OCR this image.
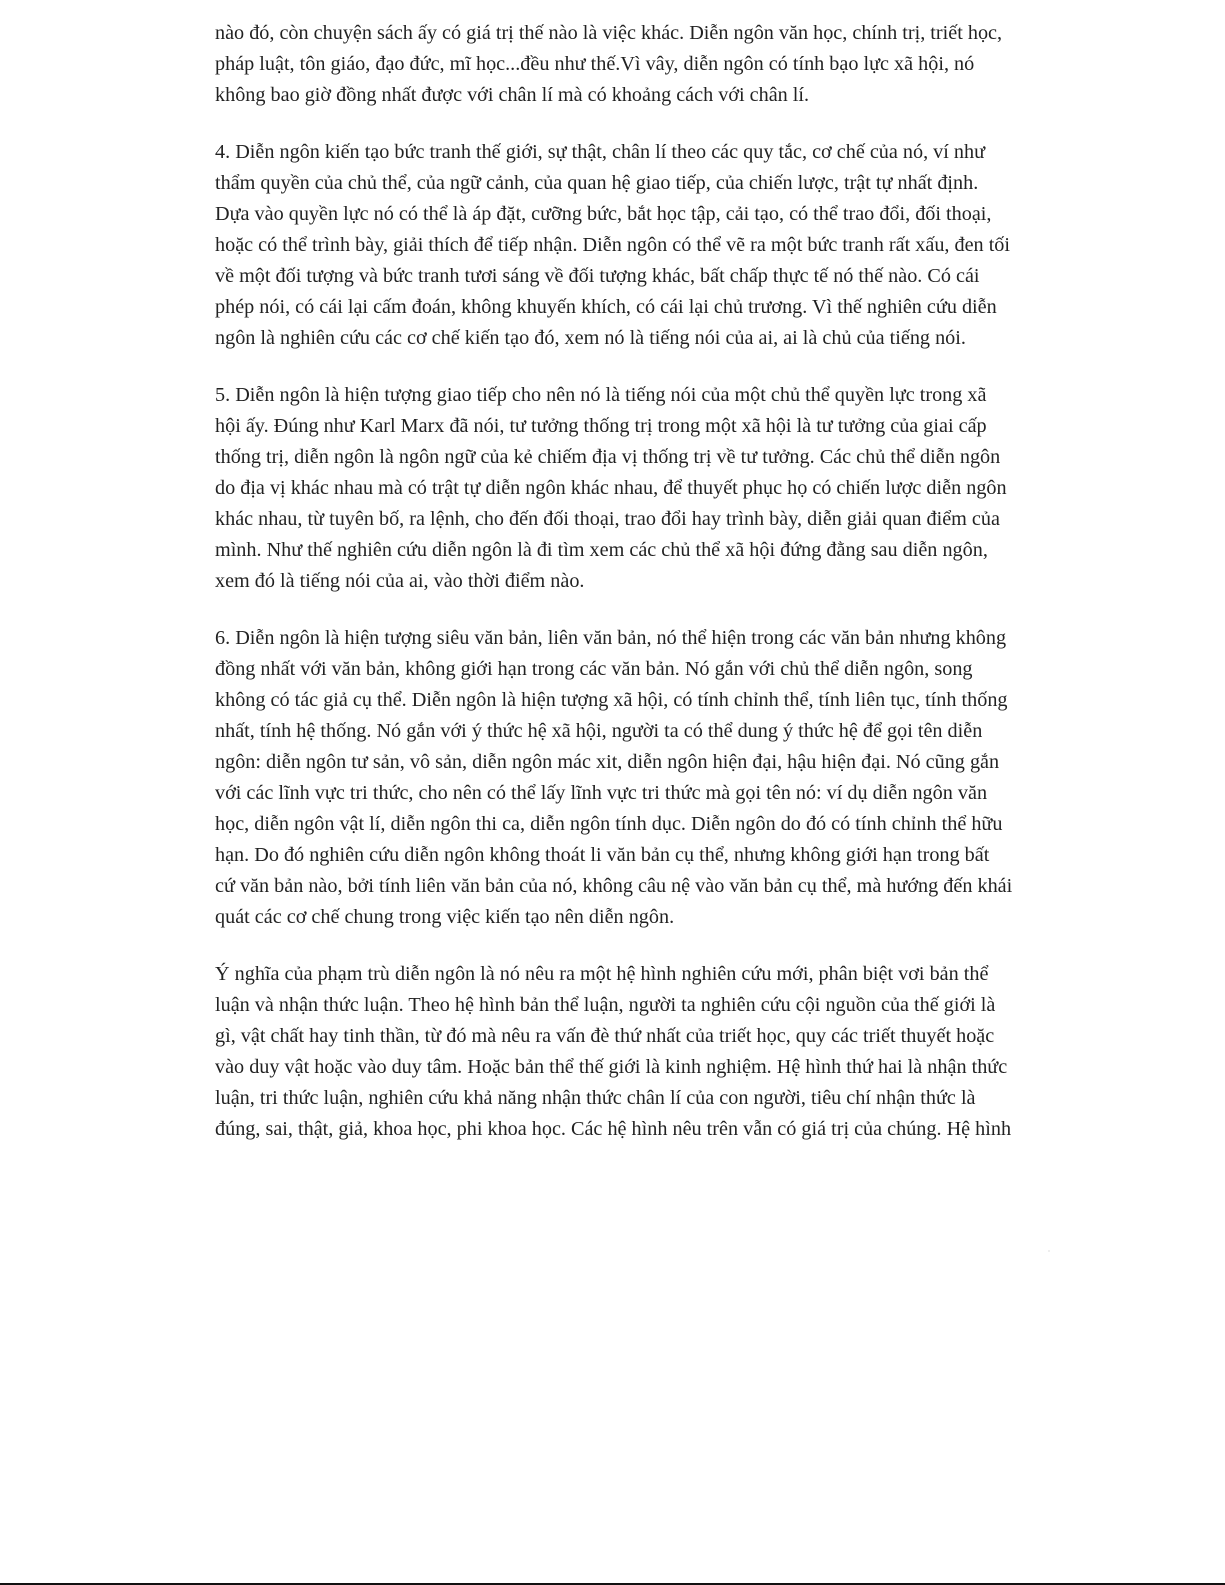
nào đó, còn chuyện sách ấy có giá trị thế nào là việc khác. Diễn ngôn văn học, chính trị, triết học,
pháp luật, tôn giáo, đạo đức, mĩ học...đều như thế.Vì vây, diễn ngôn có tính bạo lực xã hội, nó
không bao giờ đồng nhất được với chân lí mà có khoảng cách với chân lí.

4. Diễn ngôn kiến tạo bức tranh thế giới, sự thật, chân lí theo các quy tắc, cơ chế của nó, ví như
thẩm quyền của chủ thể, của ngữ cảnh, của quan hệ giao tiếp, của chiến lược, trật tự nhất định.
Dựa vào quyền lực nó có thể là áp đặt, cưỡng bức, bắt học tập, cải tạo, có thể trao đổi, đối thoại,
hoặc có thể trình bày, giải thích để tiếp nhận. Diễn ngôn có thể vẽ ra một bức tranh rất xấu, đen tối
về một đối tượng và bức tranh tươi sáng về đối tượng khác, bất chấp thực tế nó thế nào. Có cái
phép nói, có cái lại cấm đoán, không khuyến khích, có cái lại chủ trương. Vì thế nghiên cứu diễn
ngôn là nghiên cứu các cơ chế kiến tạo đó, xem nó là tiếng nói của ai, ai là chủ của tiếng nói.

5. Diễn ngôn là hiện tượng giao tiếp cho nên nó là tiếng nói của một chủ thể quyền lực trong xã
hội ấy. Đúng như Karl Marx đã nói, tư tưởng thống trị trong một xã hội là tư tưởng của giai cấp
thống trị, diễn ngôn là ngôn ngữ của kẻ chiếm địa vị thống trị về tư tưởng. Các chủ thể diễn ngôn
do địa vị khác nhau mà có trật tự diễn ngôn khác nhau, để thuyết phục họ có chiến lược diễn ngôn
khác nhau, từ tuyên bố, ra lệnh, cho đến đối thoại, trao đổi hay trình bày, diễn giải quan điểm của
mình. Như thế nghiên cứu diễn ngôn là đi tìm xem các chủ thể xã hội đứng đằng sau diễn ngôn,
xem đó là tiếng nói của ai, vào thời điểm nào.

6. Diễn ngôn là hiện tượng siêu văn bản, liên văn bản, nó thể hiện trong các văn bản nhưng không
đồng nhất với văn bản, không giới hạn trong các văn bản. Nó gắn với chủ thể diễn ngôn, song
không có tác giả cụ thể. Diễn ngôn là hiện tượng xã hội, có tính chỉnh thể, tính liên tục, tính thống
nhất, tính hệ thống. Nó gắn với ý thức hệ xã hội, người ta có thể dung ý thức hệ để gọi tên diễn
ngôn: diễn ngôn tư sản, vô sản, diễn ngôn mác xit, diễn ngôn hiện đại, hậu hiện đại. Nó cũng gắn
với các lĩnh vực tri thức, cho nên có thể lấy lĩnh vực tri thức mà gọi tên nó: ví dụ diễn ngôn văn
học, diễn ngôn vật lí, diễn ngôn thi ca, diễn ngôn tính dục. Diễn ngôn do đó có tính chỉnh thể hữu
hạn. Do đó nghiên cứu diễn ngôn không thoát li văn bản cụ thể, nhưng không giới hạn trong bất
cứ văn bản nào, bởi tính liên văn bản của nó, không câu nệ vào văn bản cụ thể, mà hướng đến khái
quát các cơ chế chung trong việc kiến tạo nên diễn ngôn.

Ý nghĩa của phạm trù diễn ngôn là nó nêu ra một hệ hình nghiên cứu mới, phân biệt vơi bản thể
luận và nhận thức luận. Theo hệ hình bản thể luận, người ta nghiên cứu cội nguồn của thế giới là
gì, vật chất hay tinh thần, từ đó mà nêu ra vấn đè thứ nhất của triết học, quy các triết thuyết hoặc
vào duy vật hoặc vào duy tâm. Hoặc bản thể thế giới là kinh nghiệm. Hệ hình thứ hai là nhận thức
luận, tri thức luận, nghiên cứu khả năng nhận thức chân lí của con người, tiêu chí nhận thức là
đúng, sai, thật, giả, khoa học, phi khoa học. Các hệ hình nêu trên vẫn có giá trị của chúng. Hệ hình
